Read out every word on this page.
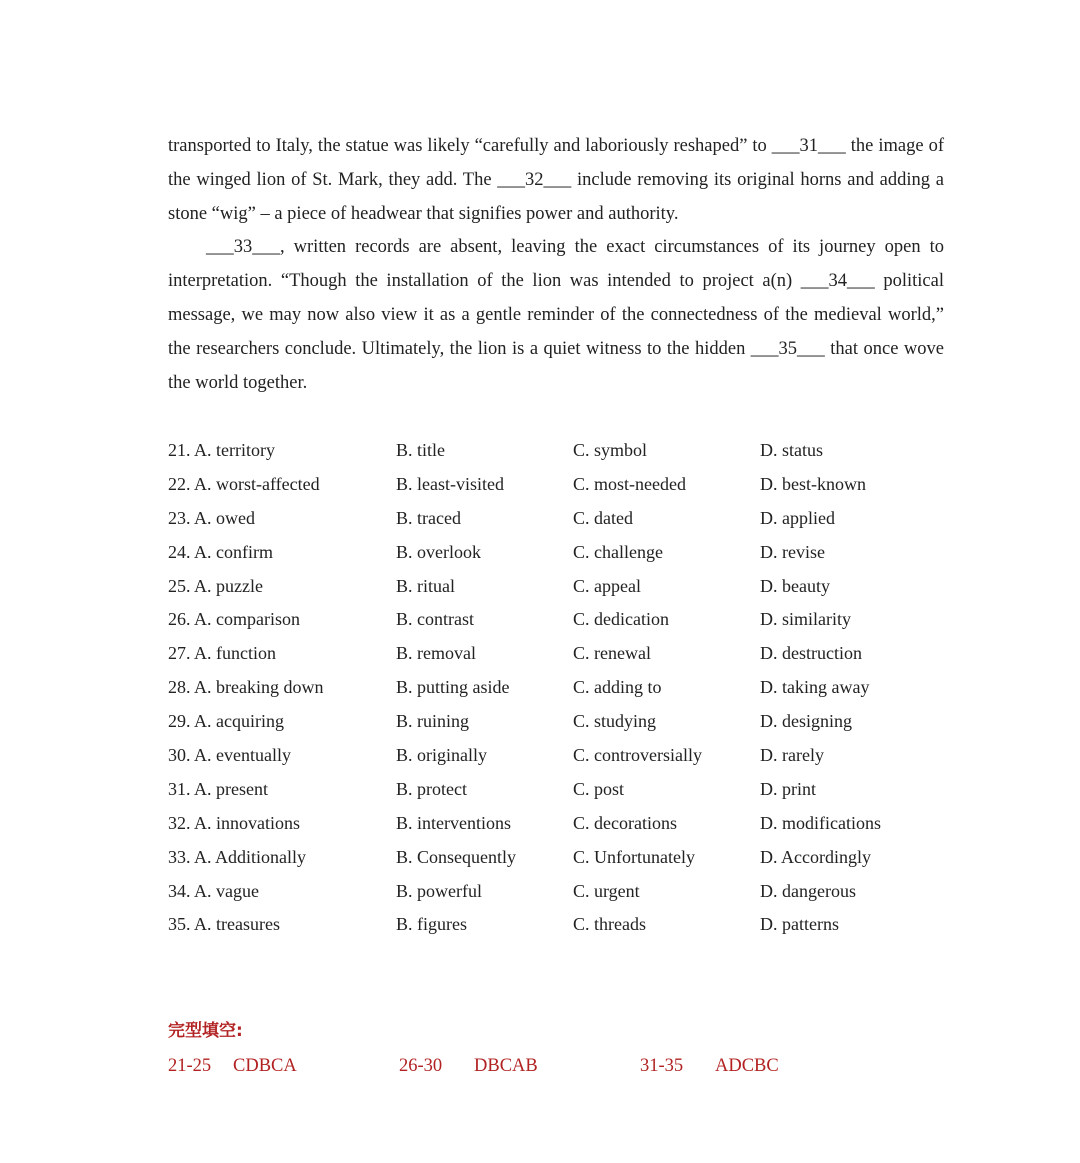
transported to Italy, the statue was likely “carefully and laboriously reshaped” to ___31___ the image of the winged lion of St. Mark, they add. The ___32___ include removing its original horns and adding a stone “wig” – a piece of headwear that signifies power and authority.

___33___, written records are absent, leaving the exact circumstances of its journey open to interpretation. “Though the installation of the lion was intended to project a(n) ___34___ political message, we may now also view it as a gentle reminder of the connectedness of the medieval world,” the researchers conclude. Ultimately, the lion is a quiet witness to the hidden ___35___ that once wove the world together.

21. A. territory	B. title	C. symbol	D. status
22. A. worst-affected	B. least-visited	C. most-needed	D. best-known
23. A. owed	B. traced	C. dated	D. applied
24. A. confirm	B. overlook	C. challenge	D. revise
25. A. puzzle	B. ritual	C. appeal	D. beauty
26. A. comparison	B. contrast	C. dedication	D. similarity
27. A. function	B. removal	C. renewal	D. destruction
28. A. breaking down	B. putting aside	C. adding to	D. taking away
29. A. acquiring	B. ruining	C. studying	D. designing
30. A. eventually	B. originally	C. controversially	D. rarely
31. A. present	B. protect	C. post	D. print
32. A. innovations	B. interventions	C. decorations	D. modifications
33. A. Additionally	B. Consequently	C. Unfortunately	D. Accordingly
34. A. vague	B. powerful	C. urgent	D. dangerous
35. A. treasures	B. figures	C. threads	D. patterns
完型填空:
21-25 CDBCA	26-30 DBCAB	31-35 ADCBC
